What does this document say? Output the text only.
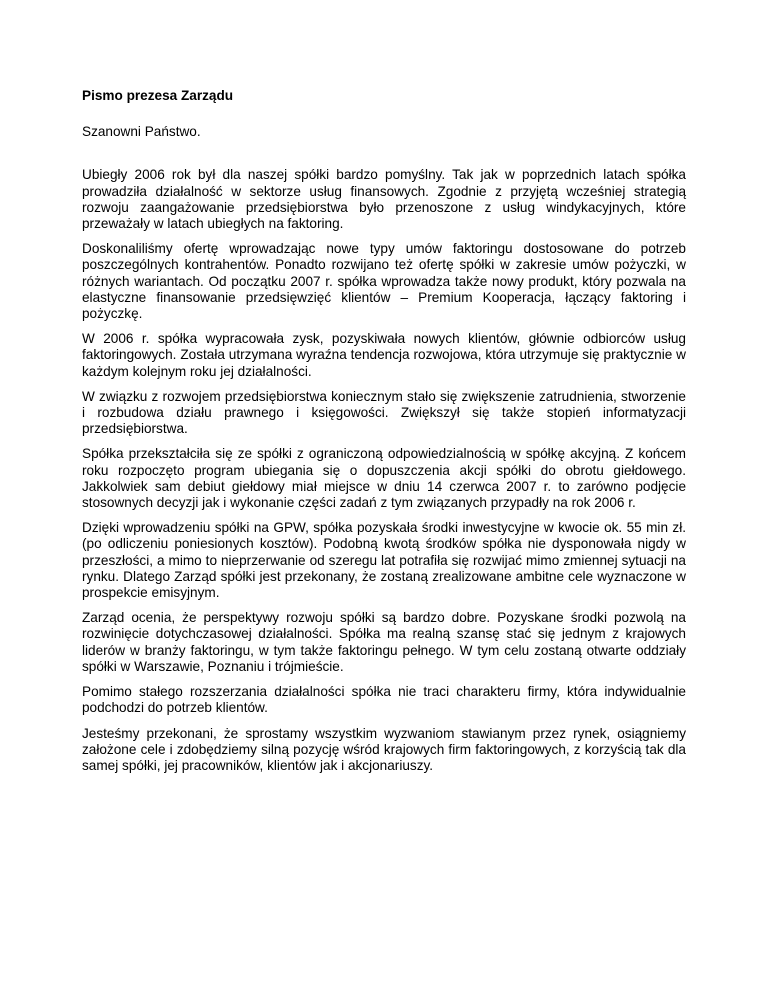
Pismo prezesa Zarządu
Szanowni Państwo.

Ubiegły 2006 rok był dla naszej spółki bardzo pomyślny. Tak jak w poprzednich latach spółka prowadziła działalność w sektorze usług finansowych. Zgodnie z przyjętą wcześniej strategią rozwoju zaangażowanie przedsiębiorstwa było przenoszone z usług windykacyjnych, które przeważały w latach ubiegłych na faktoring.

Doskonaliliśmy ofertę wprowadzając nowe typy umów faktoringu dostosowane do potrzeb poszczególnych kontrahentów. Ponadto rozwijano też ofertę spółki w zakresie umów pożyczki, w różnych wariantach. Od początku 2007 r. spółka wprowadza także nowy produkt, który pozwala na elastyczne finansowanie przedsięwzięć klientów – Premium Kooperacja, łączący faktoring i pożyczkę.

W 2006 r. spółka wypracowała zysk, pozyskiwała nowych klientów, głównie odbiorców usług faktoringowych. Została utrzymana wyraźna tendencja rozwojowa, która utrzymuje się praktycznie w każdym kolejnym roku jej działalności.

W związku z rozwojem przedsiębiorstwa koniecznym stało się zwiększenie zatrudnienia, stworzenie i rozbudowa działu prawnego i księgowości. Zwiększył się także stopień informatyzacji przedsiębiorstwa.

Spółka przekształciła się ze spółki z ograniczoną odpowiedzialnością w spółkę akcyjną. Z końcem roku rozpoczęto program ubiegania się o dopuszczenia akcji spółki do obrotu giełdowego. Jakkolwiek sam debiut giełdowy miał miejsce w dniu 14 czerwca 2007 r. to zarówno podjęcie stosownych decyzji jak i wykonanie części zadań z tym związanych przypadły na rok 2006 r.

Dzięki wprowadzeniu spółki na GPW, spółka pozyskała środki inwestycyjne w kwocie ok. 55 min zł. (po odliczeniu poniesionych kosztów). Podobną kwotą środków spółka nie dysponowała nigdy w przeszłości, a mimo to nieprzerwanie od szeregu lat potrafiła się rozwijać mimo zmiennej sytuacji na rynku. Dlatego Zarząd spółki jest przekonany, że zostaną zrealizowane ambitne cele wyznaczone w prospekcie emisyjnym.

Zarząd ocenia, że perspektywy rozwoju spółki są bardzo dobre. Pozyskane środki pozwolą na rozwinięcie dotychczasowej działalności. Spółka ma realną szansę stać się jednym z krajowych liderów w branży faktoringu, w tym także faktoringu pełnego. W tym celu zostaną otwarte oddziały spółki w Warszawie, Poznaniu i trójmieście.

Pomimo stałego rozszerzania działalności spółka nie traci charakteru firmy, która indywidualnie podchodzi do potrzeb klientów.

Jesteśmy przekonani, że sprostamy wszystkim wyzwaniom stawianym przez rynek, osiągniemy założone cele i zdobędziemy silną pozycję wśród krajowych firm faktoringowych, z korzyścią tak dla samej spółki, jej pracowników, klientów jak i akcjonariuszy.
